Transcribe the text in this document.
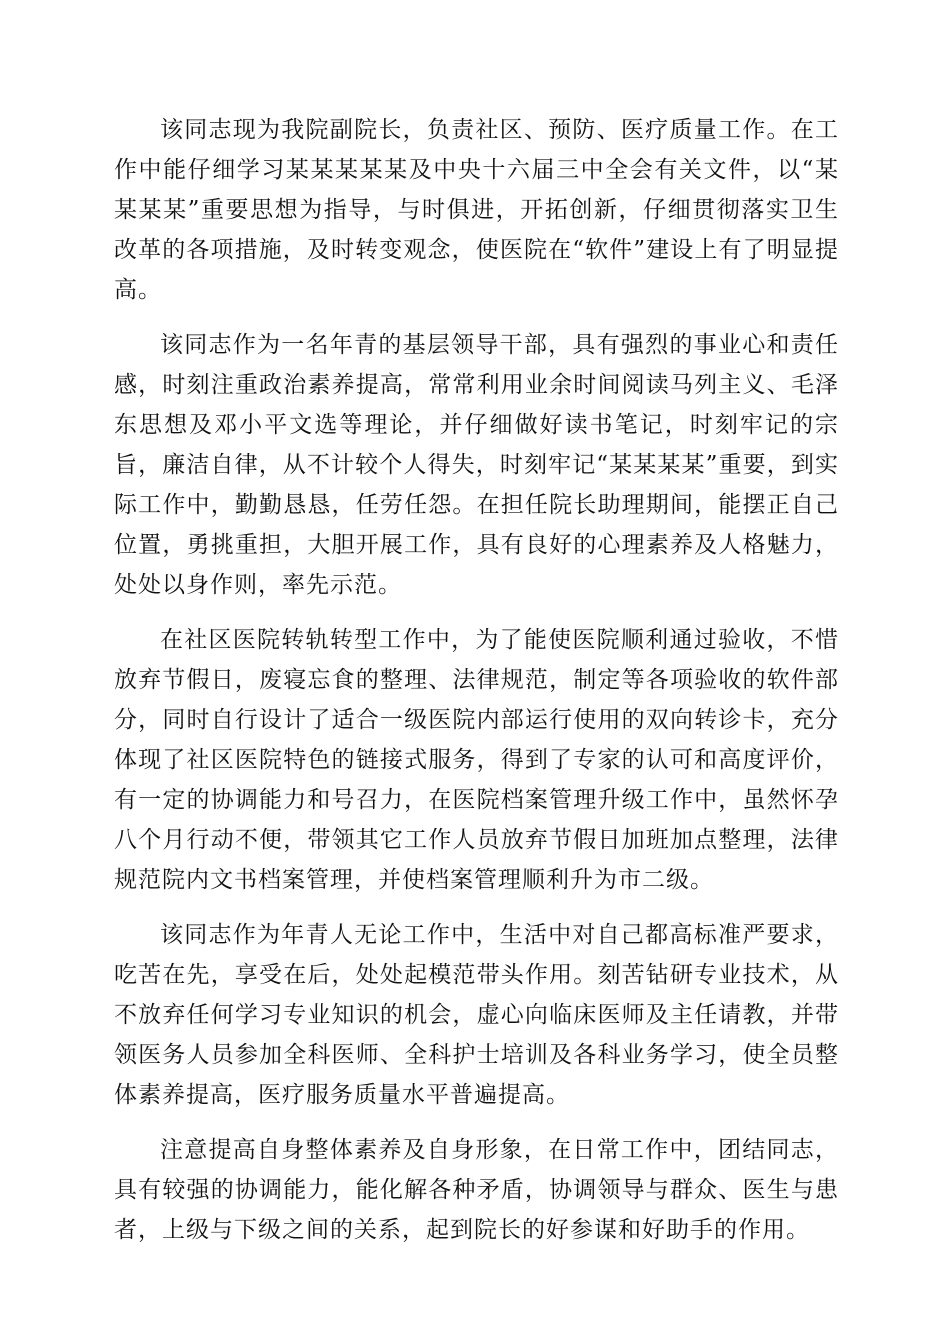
该同志现为我院副院长，负责社区、预防、医疗质量工作。在工作中能仔细学习某某某某某及中央十六届三中全会有关文件，以“某某某某”重要思想为指导，与时俱进，开拓创新，仔细贯彻落实卫生改革的各项措施，及时转变观念，使医院在“软件”建设上有了明显提高。

该同志作为一名年青的基层领导干部，具有强烈的事业心和责任感，时刻注重政治素养提高，常常利用业余时间阅读马列主义、毛泽东思想及邓小平文选等理论，并仔细做好读书笔记，时刻牢记的宗旨，廉洁自律，从不计较个人得失，时刻牢记“某某某某”重要，到实际工作中，勤勤恳恳，任劳任怨。在担任院长助理期间，能摆正自己位置，勇挑重担，大胆开展工作，具有良好的心理素养及人格魅力，处处以身作则，率先示范。

在社区医院转轨转型工作中，为了能使医院顺利通过验收，不惜放弃节假日，废寝忘食的整理、法律规范，制定等各项验收的软件部分，同时自行设计了适合一级医院内部运行使用的双向转诊卡，充分体现了社区医院特色的链接式服务，得到了专家的认可和高度评价，有一定的协调能力和号召力，在医院档案管理升级工作中，虽然怀孕八个月行动不便，带领其它工作人员放弃节假日加班加点整理，法律规范院内文书档案管理，并使档案管理顺利升为市二级。

该同志作为年青人无论工作中，生活中对自己都高标准严要求，吃苦在先，享受在后，处处起模范带头作用。刻苦钻研专业技术，从不放弃任何学习专业知识的机会，虚心向临床医师及主任请教，并带领医务人员参加全科医师、全科护士培训及各科业务学习，使全员整体素养提高，医疗服务质量水平普遍提高。

注意提高自身整体素养及自身形象，在日常工作中，团结同志，具有较强的协调能力，能化解各种矛盾，协调领导与群众、医生与患者，上级与下级之间的关系，起到院长的好参谋和好助手的作用。
